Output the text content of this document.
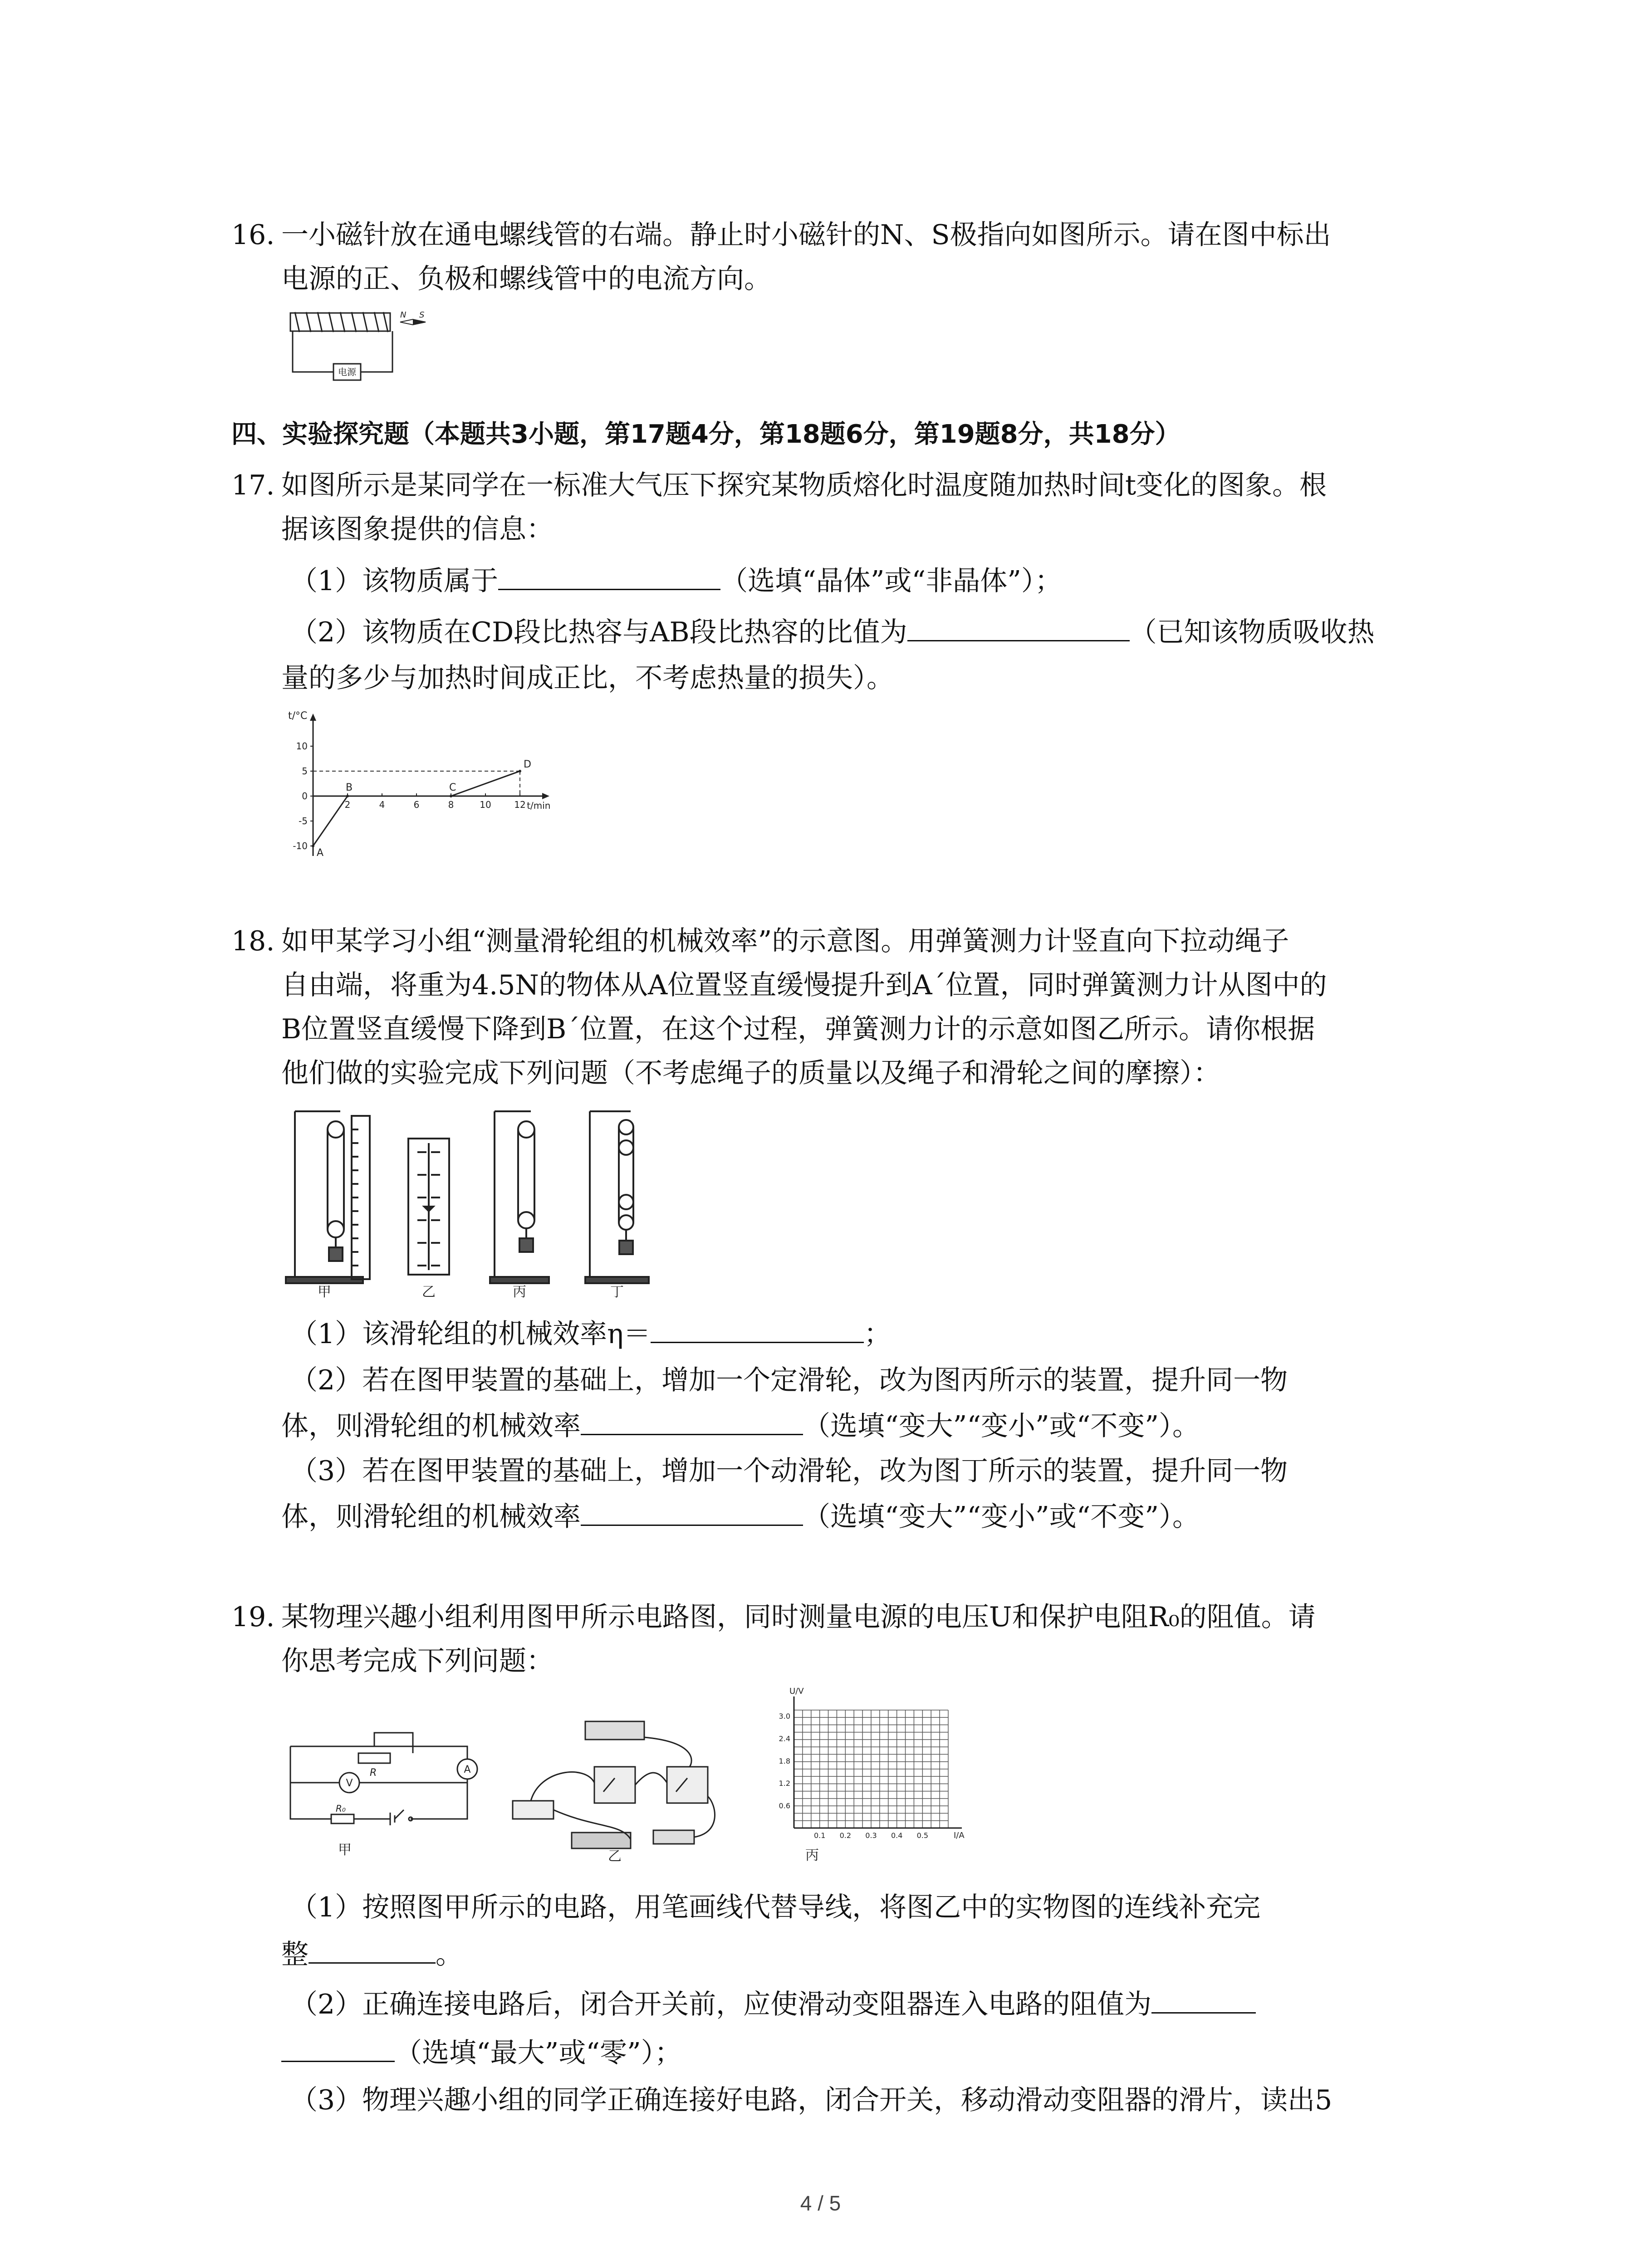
16. 一小磁针放在通电螺线管的右端。静止时小磁针的N、S极指向如图所示。请在图中标出
电源的正、负极和螺线管中的电流方向。
电源
N S
四、实验探究题（本题共3小题，第17题4分，第18题6分，第19题8分，共18分）
17. 如图所示是某同学在一标准大气压下探究某物质熔化时温度随加热时间t变化的图象。根
据该图象提供的信息：
（1）该物质属于	（选填“晶体”或“非晶体”）；
（2）该物质在CD段比热容与AB段比热容的比值为	（已知该物质吸收热
量的多少与加热时间成正比，不考虑热量的损失）。
t/°C
t/min
10
5
0
-5
-10
2	4	6	8	10	12
A
B	C
D
18. 如甲某学习小组“测量滑轮组的机械效率”的示意图。用弹簧测力计竖直向下拉动绳子
自由端，将重为4.5N的物体从A位置竖直缓慢提升到A´位置，同时弹簧测力计从图中的
B位置竖直缓慢下降到B´位置，在这个过程，弹簧测力计的示意如图乙所示。请你根据
他们做的实验完成下列问题（不考虑绳子的质量以及绳子和滑轮之间的摩擦）：
甲	乙	丙	丁
（1）该滑轮组的机械效率η＝	；
（2）若在图甲装置的基础上，增加一个定滑轮，改为图丙所示的装置，提升同一物
体，则滑轮组的机械效率	（选填“变大”“变小”或“不变”）。
（3）若在图甲装置的基础上，增加一个动滑轮，改为图丁所示的装置，提升同一物
体，则滑轮组的机械效率	（选填“变大”“变小”或“不变”）。
19. 某物理兴趣小组利用图甲所示电路图，同时测量电源的电压U和保护电阻R₀的阻值。请
你思考完成下列问题：
A
V
R
R₀
甲	乙
U/V
I/A
3.0
2.4
1.8
1.2
0.6
0.1 0.2 0.3 0.4 0.5
丙
（1）按照图甲所示的电路，用笔画线代替导线，将图乙中的实物图的连线补充完
整	。
（2）正确连接电路后，闭合开关前，应使滑动变阻器连入电路的阻值为
（选填“最大”或“零”）；
（3）物理兴趣小组的同学正确连接好电路，闭合开关，移动滑动变阻器的滑片，读出5
4 / 5
